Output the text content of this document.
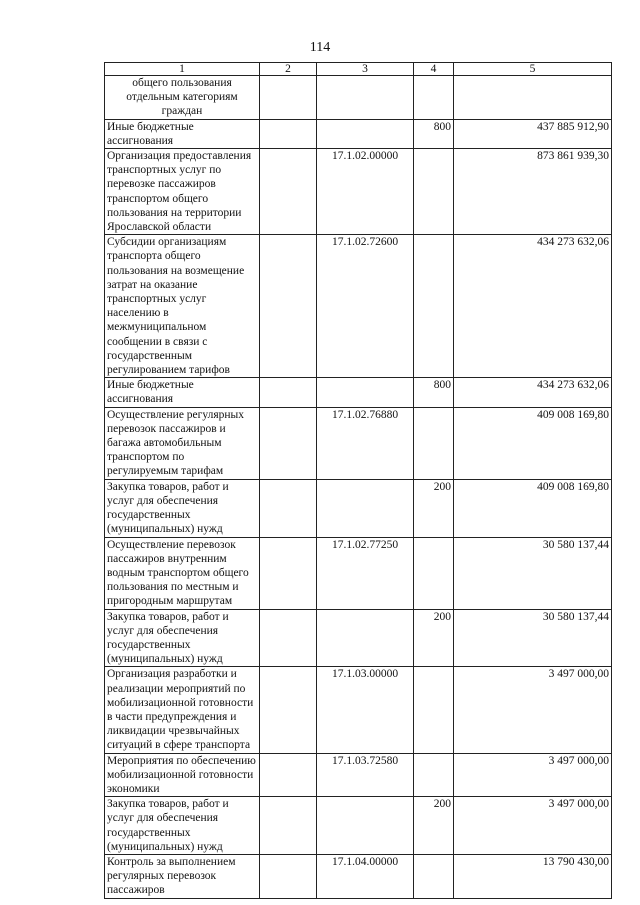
114
1	2	3	4	5
общего пользования отдельным категориям граждан				
Иные бюджетные ассигнования			800	437 885 912,90
Организация предоставления транспортных услуг по перевозке пассажиров транспортом общего пользования на территории Ярославской области		17.1.02.00000		873 861 939,30
Субсидии организациям транспорта общего пользования на возмещение затрат на оказание транспортных услуг населению в межмуниципальном сообщении в связи с государственным регулированием тарифов		17.1.02.72600		434 273 632,06
Иные бюджетные ассигнования			800	434 273 632,06
Осуществление регулярных перевозок пассажиров и багажа автомобильным транспортом по регулируемым тарифам		17.1.02.76880		409 008 169,80
Закупка товаров, работ и услуг для обеспечения государственных (муниципальных) нужд			200	409 008 169,80
Осуществление перевозок пассажиров внутренним водным транспортом общего пользования по местным и пригородным маршрутам		17.1.02.77250		30 580 137,44
Закупка товаров, работ и услуг для обеспечения государственных (муниципальных) нужд			200	30 580 137,44
Организация разработки и реализации мероприятий по мобилизационной готовности в части предупреждения и ликвидации чрезвычайных ситуаций в сфере транспорта		17.1.03.00000		3 497 000,00
Мероприятия по обеспечению мобилизационной готовности экономики		17.1.03.72580		3 497 000,00
Закупка товаров, работ и услуг для обеспечения государственных (муниципальных) нужд			200	3 497 000,00
Контроль за выполнением регулярных перевозок пассажиров		17.1.04.00000		13 790 430,00
